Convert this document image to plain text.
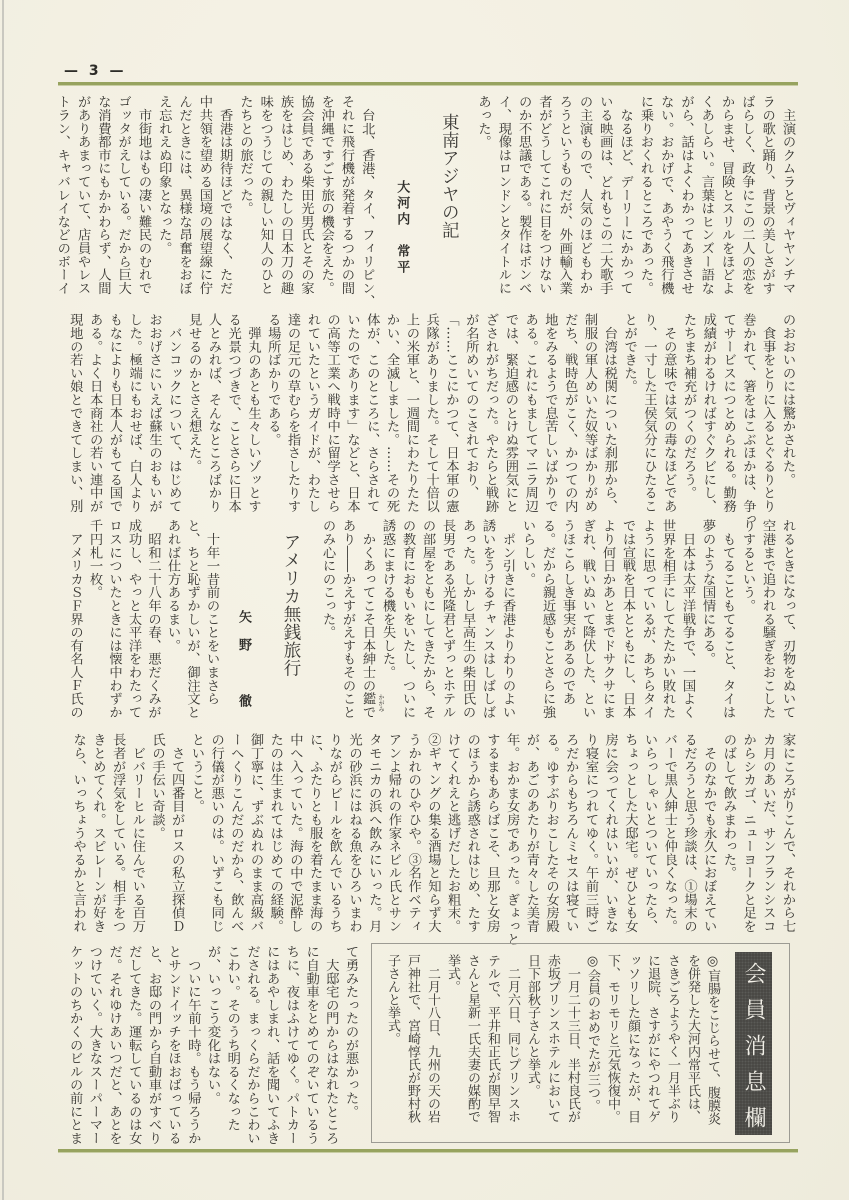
— 3 —
　主演のクムラとヴィヤヤンチマ
ラの歌と踊り、背景の美しさがす
ばらしく、政争にこの二人の恋を
からませ、冒険とスリルをほどよ
くあしらい。言葉はヒンズー語な
がら、話はよくわかってあきさせ
ない。おかげで、あやうく飛行機
に乗りおくれるところであった。
　なるほど、デーリーにかかって
いる映画は、どれもこの二大歌手
の主演もので、人気のほどもわか
ろうというものだが、外画輸入業
者がどうしてこれに目をつけない
のか不思議である。製作はボンベ
イ、現像はロンドンとタイトルに
あった。
東南アジヤの記
大河内　常平
　台北、香港、タイ、フィリピン、
それに飛行機が発着するつかの間
を沖縄ですごす旅の機会をえた。
協会員である柴田光男氏とその家
族をはじめ、わたしの日本刀の趣
味をつうじての親しい知人のひと
たちとの旅だった。
　香港は期待ほどではなく、ただ
中共領を望める国境の展望線に佇
んだときには、異様な昂奮をおぼ
え忘れえぬ印象となった。
　市街地はもの凄い難民のむれで
ゴッタがえしている。だから巨大
な消費都市にもかかわらず、人間
がありあまっていて、店員やレス
トラン、キャバレイなどのボーイ
のおおいのには驚かされた。
　食事をとりに入るとぐるりとり
巻かれて、箸をはこぶほかは、争っ
てサービスにつとめられる。勤務
成績がわるければすぐクビにし、
たちまち補充がつくのだろう。
　その意味では気の毒なほどであ
り、一寸した王侯気分にひたるこ
とができた。
　台湾は税関についた刹那から、
制服の軍人めいた奴等ばかりがめ
だち、戦時色がこく、かつての内
地をみるようで息苦しいばかりで
ある。これにもましてマニラ周辺
では、緊迫感のとけぬ雰囲気にと
ざされがちだった。やたらと戦跡
が名所めいてのこされており、
「……ここにかつて、日本軍の憲
兵隊がありました。そして十倍以
上の米軍と、一週間にわたりたた
かい、全滅しました。……その死
体が、このところに、さらされて
いたのであります」などと、日本
の高等工業へ戦時中に留学させら
れていたというガイドが、わたし
達の足元の草むらを指さしたりす
る場所ばかりである。
　弾丸のあとも生々しいゾッとす
る光景つづきで、ことさらに日本
人とみれば、そんなところばかり
見せるのかとさえ想えた。
　バンコックについて、はじめて
おおげさにいえば蘇生のおもいが
した。極端にもおせば、白人より
もなによりも日本人がもてる国で
ある。よく日本商社の若い連中が
現地の若い娘とできてしまい、別
れるときになって、刃物をぬいて
空港まで追われる騒ぎをおこした
りするという。
　もてることもてること、タイは
夢のような国情にある。
　日本は太平洋戦争で、一国よく
世界を相手にしてたたかい敗れた
ように思っているが、あちらタイ
では宣戦を日本とともにし、日本
より何日かあとまでドサクサにま
ぎれ、戦いぬいて降伏した、とい
うほこらしき事実があるのであ
る。だから親近感もことさらに強
いらしい。
　ポン引きに香港よりわりのよい
誘いをうけるチャンスはしばしば
あった。しかし早高生の柴田氏の
長男である光隆君とずっとホテル
の部屋をともにしてきたから、そ
の教育におもいをいたし、ついに
誘惑にまける機を失した。
　かくあってこそ日本紳士の鑑 かがみ
で
あり――かえすがえすもそのこと
のみ心にのこった。
アメリカ無銭旅行
矢野　徹
　十年一昔前のことをいまさら
と、ちと恥ずかしいが、御注文と
あれば仕方あるまい。
　昭和二十八年の春、悪だくみが
成功し、やっと太平洋をわたって
ロスについたときには懐中わずか
千円札一枚。
　アメリカＳＦ界の有名人Ｆ氏の
家にころがりこんで、それから七
カ月のあいだ、サンフランシスコ
からシカゴ、ニューヨークと足を
のばして飲みまわった。
　そのなかでも永久におぼえてい
るだろうと思う珍談は、①場末の
バーで黒人紳士と仲良くなった。
いらっしゃいとついていったら、
ちょっとした大邸宅。ぜひとも女
房に会ってくれはいいが、いきな
り寝室につれてゆく。午前三時ご
ろだからもちろんミセスは寝てい
る。ゆすぶりおこしたその女房殿
が、あごのあたりが青々した美青
年。おかま女房であった。ぎょっと
するまもあらばこそ、旦那と女房
のほうから誘惑されはじめ、たす
けてくれえと逃げだしたお粗末。
②ギャングの集る酒場と知らず大
うかれのひやひや。③名作ベティ
アンよ帰れの作家ネビル氏とサン
タモニカの浜へ飲みにいった。月
光の砂浜にはねる魚をひろいまわ
りながらビールを飲んでいるうち
に、ふたりとも服を着たまま海の
中へ入っていた。海の中で泥酔し
たのは生まれてはじめての経験。
御丁寧に、ずぶぬれのまま高級バ
ーへくりこんだのだから、飲んべ
の行儀が悪いのは。いずこも同じ
ということ。
　さて四番目がロスの私立探偵Ｄ
氏の手伝い奇談。
　ビバリーヒルに住んでいる百万
長者が浮気をしている。相手をつ
きとめてくれ。スピレーンが好き
なら、いっちょうやるかと言われ
会員消息欄
◎盲腸をこじらせて、腹膜炎
を併発した大河内常平氏は、
さきごろようやく一月半ぶり
に退院、さすがにやつれてゲ
ッソリした顔になったが、目
下、モリモリと元気恢復中。
◎会員のおめでたが三つ。
　一月二十三日、半村良氏が
赤坂プリンスホテルにおいて
日下部秋子さんと挙式。
　二月六日、同じプリンスホ
テルで、平井和正氏が関早智
さんと星新一氏夫妻の媒酌で
挙式。
　二月十八日、九州の天の岩
戸神社で、宮崎惇氏が野村秋
子さんと挙式。
て勇みたったのが悪かった。
　大邸宅の門からはなれたところ
に自動車をとめてのぞいているう
ちに、夜はふけてゆく。パトカー
にはあやしまれ、話を聞いてふき
だされる。まっくらだからこわい
こわい。そのうち明るくなった
が、いっこう変化はない。
　ついに午前十時。もう帰ろうか
とサンドイッチをほおばっている
と、お邸の門から自動車がすべり
だしてきた。運転しているのは女
だ。それゆけあいつだと、あとを
つけていく。大きなスーパーマー
ケットのちかくのビルの前にとま
